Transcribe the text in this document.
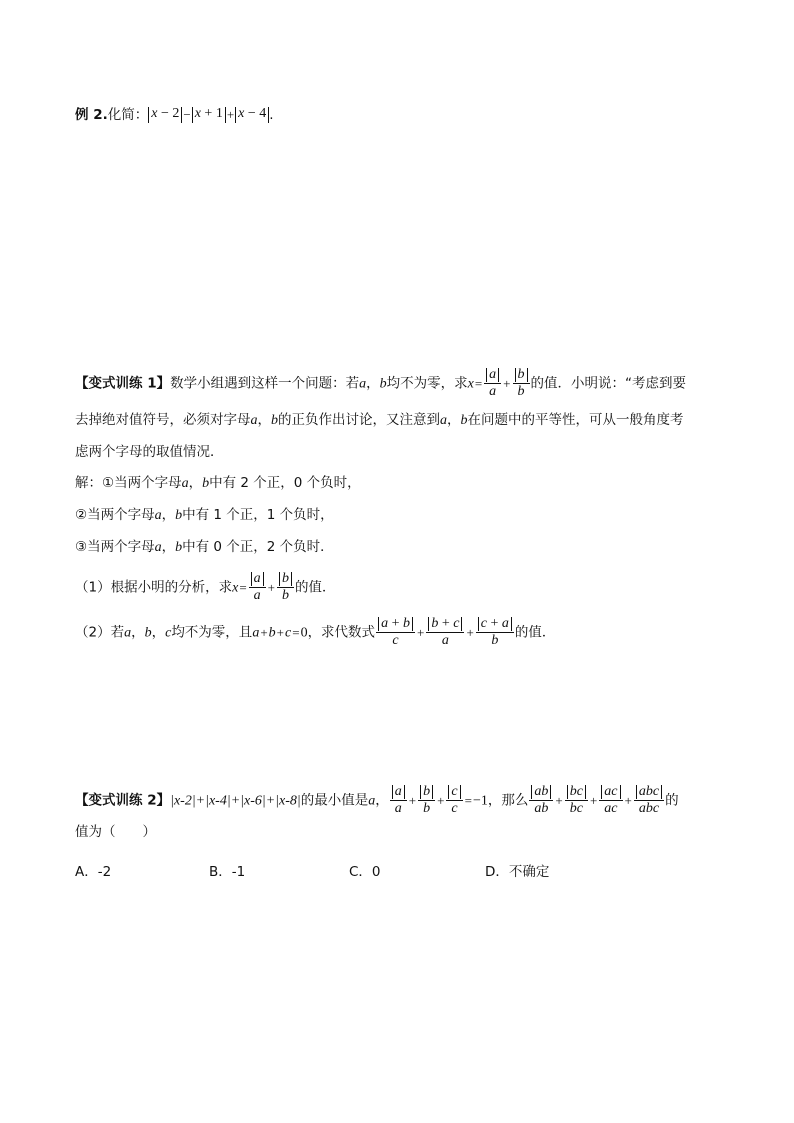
例 2.化简： x − 2 − x + 1 + x − 4 .
【变式训练 1】数学小组遇到这样一个问题：若a，b均不为零，求$x= \frac{a}{a} + \frac{b}{b}$ 的值．小明说：“考虑到要
去掉绝对值符号，必须对字母a，b的正负作出讨论，又注意到a，b在问题中的平等性，可从一般角度考
虑两个字母的取值情况．
解：①当两个字母a，b中有 2 个正，0 个负时，
②当两个字母a，b中有 1 个正，1 个负时，
③当两个字母a，b中有 0 个正，2 个负时．
（1）根据小明的分析，求$x= \frac{a}{a} + \frac{b}{b}$ 的值．
（2）若a，b，c均不为零，且a+b+c=0，求代数式 $\frac{a + b}{c} + \frac{b + c}{a} + \frac{c + a}{b}$ 的值．
【变式训练 2】|x-2|+|x-4|+|x-6|+|x-8|的最小值是a， $\frac{a}{a} + \frac{b}{b} + \frac{c}{c} =-1$，那么 $\frac{ab}{ab} + \frac{bc}{bc} + \frac{ac}{ac} + \frac{\text{abc}}{\text{abc}}$ 的
值为（　　）
A．-2	B．-1	C．0	D．不确定
